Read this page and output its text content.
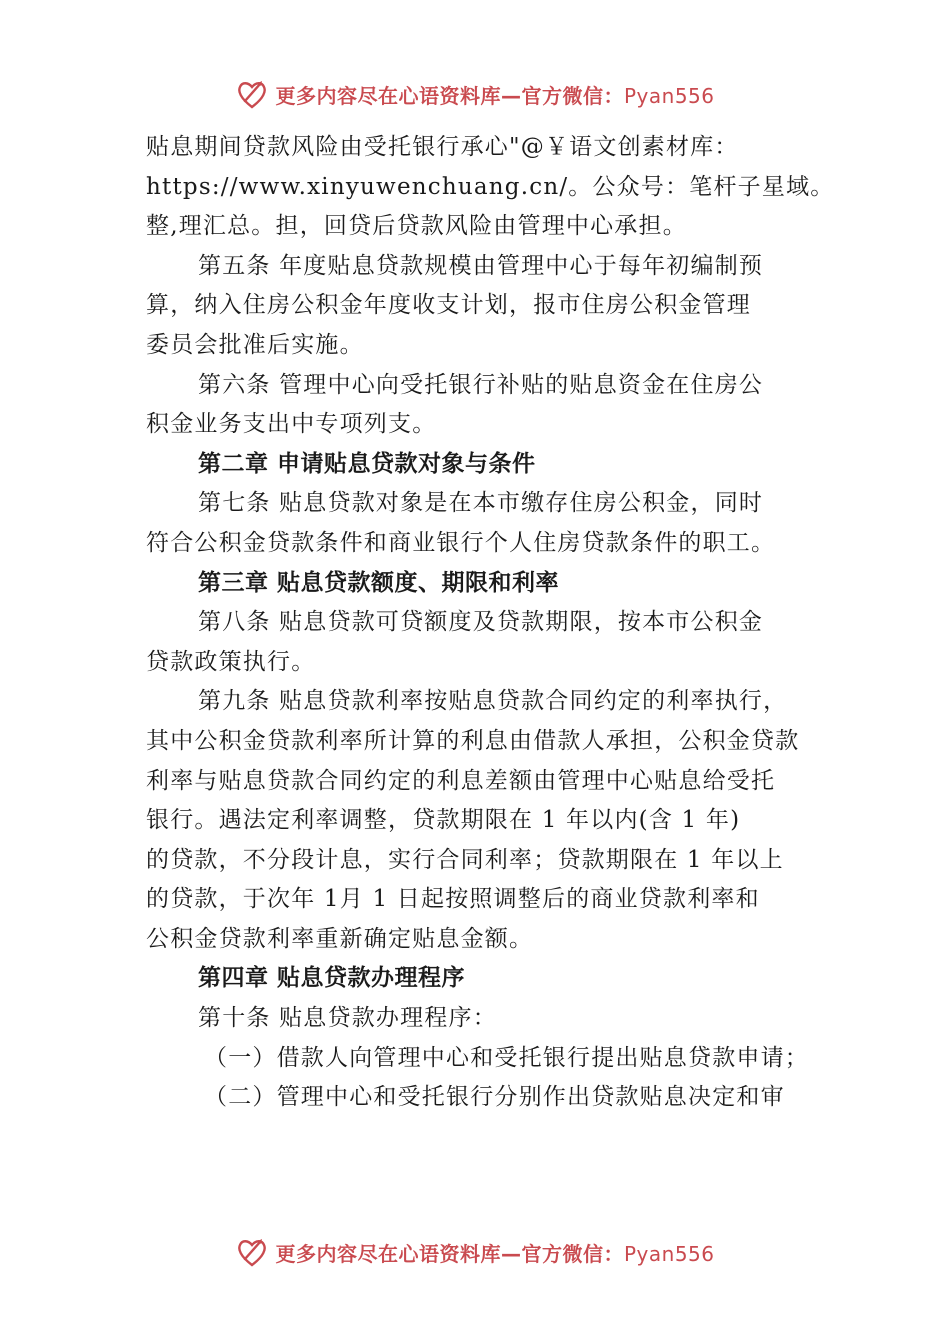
更多内容尽在心语资料库—官方微信：Pyan556
贴息期间贷款风险由受托银行承心"@￥语文创素材库：
https://www.xinyuwenchuang.cn/。公众号：笔杆子星域。
整,理汇总。担，回贷后贷款风险由管理中心承担。
第五条 年度贴息贷款规模由管理中心于每年初编制预
算，纳入住房公积金年度收支计划，报市住房公积金管理
委员会批准后实施。
第六条 管理中心向受托银行补贴的贴息资金在住房公
积金业务支出中专项列支。
第二章 申请贴息贷款对象与条件
第七条 贴息贷款对象是在本市缴存住房公积金，同时
符合公积金贷款条件和商业银行个人住房贷款条件的职工。
第三章 贴息贷款额度、期限和利率
第八条 贴息贷款可贷额度及贷款期限，按本市公积金
贷款政策执行。
第九条 贴息贷款利率按贴息贷款合同约定的利率执行，
其中公积金贷款利率所计算的利息由借款人承担，公积金贷款
利率与贴息贷款合同约定的利息差额由管理中心贴息给受托
银行。遇法定利率调整，贷款期限在 1 年以内(含 1 年)
的贷款，不分段计息，实行合同利率；贷款期限在 1 年以上
的贷款，于次年 1月 1 日起按照调整后的商业贷款利率和
公积金贷款利率重新确定贴息金额。
第四章 贴息贷款办理程序
第十条 贴息贷款办理程序：
（一）借款人向管理中心和受托银行提出贴息贷款申请；
（二）管理中心和受托银行分别作出贷款贴息决定和审
更多内容尽在心语资料库—官方微信：Pyan556
